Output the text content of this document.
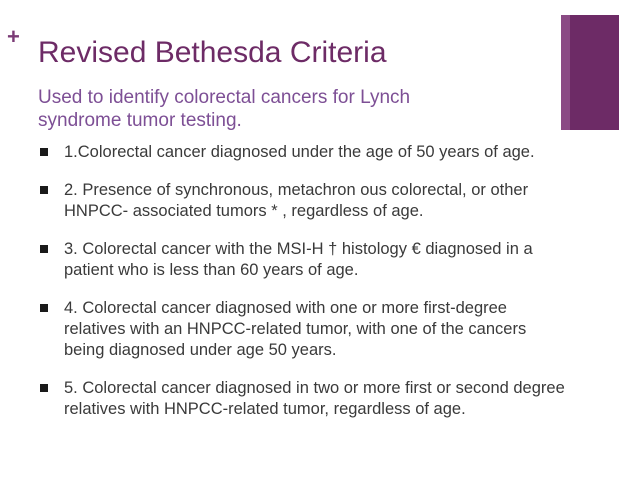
+ Revised Bethesda Criteria
Used to identify colorectal cancers for Lynch syndrome tumor testing.
1.Colorectal cancer diagnosed under the age of 50 years of age.
2. Presence of synchronous, metachron ous colorectal, or other HNPCC- associated tumors * , regardless of age.
3. Colorectal cancer with the MSI-H † histology € diagnosed in a patient who is less than 60 years of age.
4. Colorectal cancer diagnosed with one or more first-degree relatives with an HNPCC-related tumor, with one of the cancers being diagnosed under age 50 years.
5. Colorectal cancer diagnosed in two or more first or second degree relatives with HNPCC-related tumor, regardless of age.
